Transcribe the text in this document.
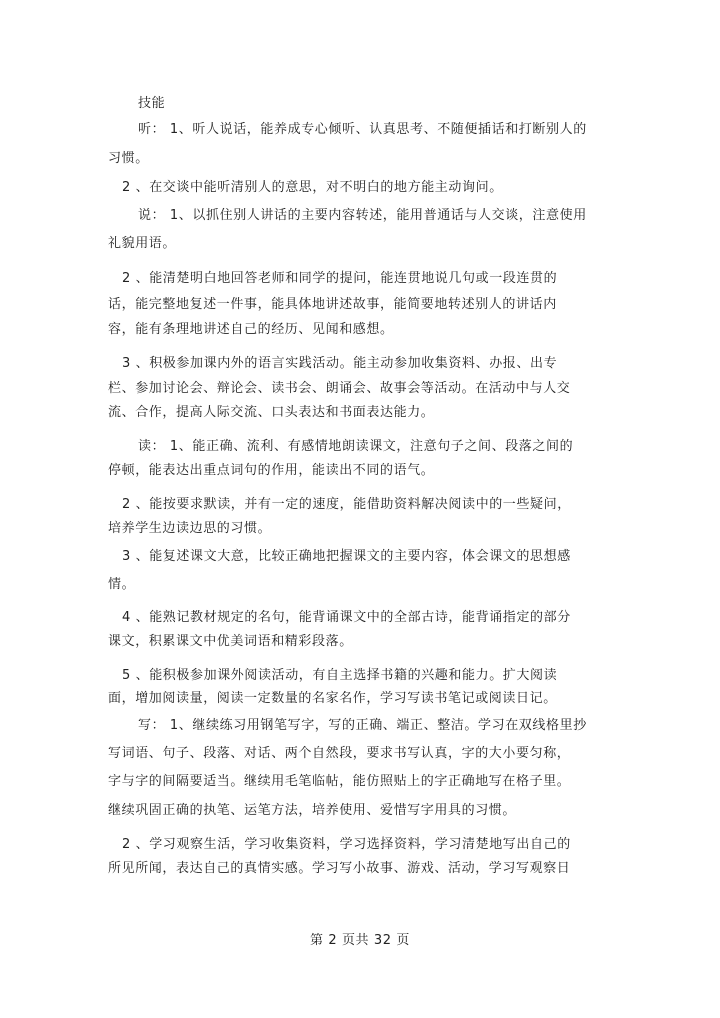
技能
听： 1、听人说话，能养成专心倾听、认真思考、不随便插话和打断别人的
习惯。
2 、在交谈中能听清别人的意思，对不明白的地方能主动询问。
说： 1、以抓住别人讲话的主要内容转述，能用普通话与人交谈，注意使用
礼貌用语。
2 、能清楚明白地回答老师和同学的提问，能连贯地说几句或一段连贯的
话，能完整地复述一件事，能具体地讲述故事，能简要地转述别人的讲话内
容，能有条理地讲述自己的经历、见闻和感想。
3 、积极参加课内外的语言实践活动。能主动参加收集资料、办报、出专
栏、参加讨论会、辩论会、读书会、朗诵会、故事会等活动。在活动中与人交
流、合作，提高人际交流、口头表达和书面表达能力。
读： 1、能正确、流利、有感情地朗读课文，注意句子之间、段落之间的
停顿，能表达出重点词句的作用，能读出不同的语气。
2 、能按要求默读，并有一定的速度，能借助资料解决阅读中的一些疑问，
培养学生边读边思的习惯。
3 、能复述课文大意，比较正确地把握课文的主要内容，体会课文的思想感
情。
4 、能熟记教材规定的名句，能背诵课文中的全部古诗，能背诵指定的部分
课文，积累课文中优美词语和精彩段落。
5 、能积极参加课外阅读活动，有自主选择书籍的兴趣和能力。扩大阅读
面，增加阅读量，阅读一定数量的名家名作，学习写读书笔记或阅读日记。
写： 1、继续练习用钢笔写字，写的正确、端正、整洁。学习在双线格里抄
写词语、句子、段落、对话、两个自然段，要求书写认真，字的大小要匀称，
字与字的间隔要适当。继续用毛笔临帖，能仿照贴上的字正确地写在格子里。
继续巩固正确的执笔、运笔方法，培养使用、爱惜写字用具的习惯。
2 、学习观察生活，学习收集资料，学习选择资料，学习清楚地写出自己的
所见所闻，表达自己的真情实感。学习写小故事、游戏、活动，学习写观察日
第 2 页共 32 页
